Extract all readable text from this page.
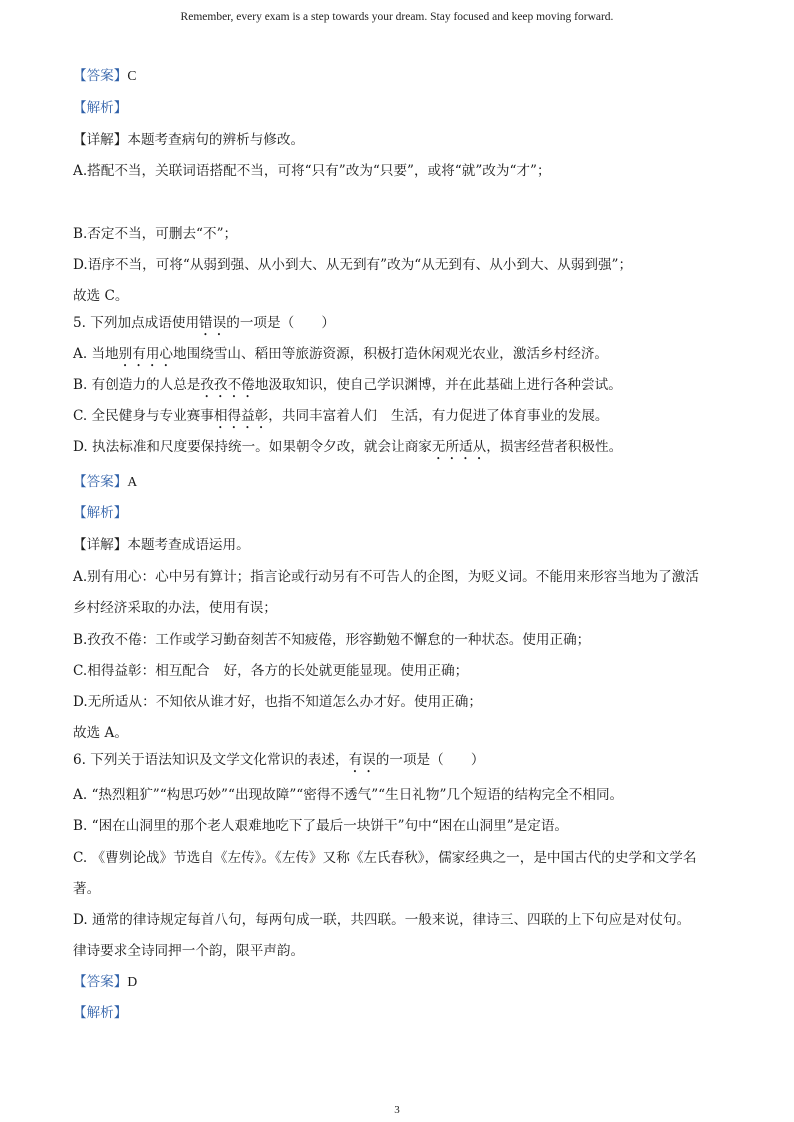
Remember, every exam is a step towards your dream. Stay focused and keep moving forward.
【答案】C
【解析】
【详解】本题考查病句的辨析与修改。
A.搭配不当，关联词语搭配不当，可将“只有”改为“只要”，或将“就”改为“才”；
B.否定不当，可删去“不”；
D.语序不当，可将“从弱到强、从小到大、从无到有”改为“从无到有、从小到大、从弱到强”；
故选 C。
5. 下列加点成语使用错误的一项是（　　）
A. 当地别有用心地围绕雪山、稻田等旅游资源，积极打造休闲观光农业，激活乡村经济。
B. 有创造力的人总是孜孜不倦地汲取知识，使自己学识渊博，并在此基础上进行各种尝试。
C. 全民健身与专业赛事相得益彰，共同丰富着人们 生活，有力促进了体育事业的发展。
D. 执法标准和尺度要保持统一。如果朝令夕改，就会让商家无所适从，损害经营者积极性。
【答案】A
【解析】
【详解】本题考查成语运用。
A.别有用心：心中另有算计；指言论或行动另有不可告人的企图，为贬义词。不能用来形容当地为了激活
乡村经济采取的办法，使用有误；
B.孜孜不倦：工作或学习勤奋刻苦不知疲倦，形容勤勉不懈怠的一种状态。使用正确；
C.相得益彰：相互配合 好，各方的长处就更能显现。使用正确；
D.无所适从：不知依从谁才好，也指不知道怎么办才好。使用正确；
故选 A。
6. 下列关于语法知识及文学文化常识的表述，有误的一项是（　　）
A. “热烈粗犷”“构思巧妙”“出现故障”“密得不透气”“生日礼物”几个短语的结构完全不相同。
B. “困在山洞里的那个老人艰难地吃下了最后一块饼干”句中“困在山洞里”是定语。
C. 《曹刿论战》节选自《左传》。《左传》又称《左氏春秋》，儒家经典之一，是中国古代的史学和文学名
著。
D. 通常的律诗规定每首八句，每两句成一联，共四联。一般来说，律诗三、四联的上下句应是对仗句。
律诗要求全诗同押一个韵，限平声韵。
【答案】D
【解析】
3
